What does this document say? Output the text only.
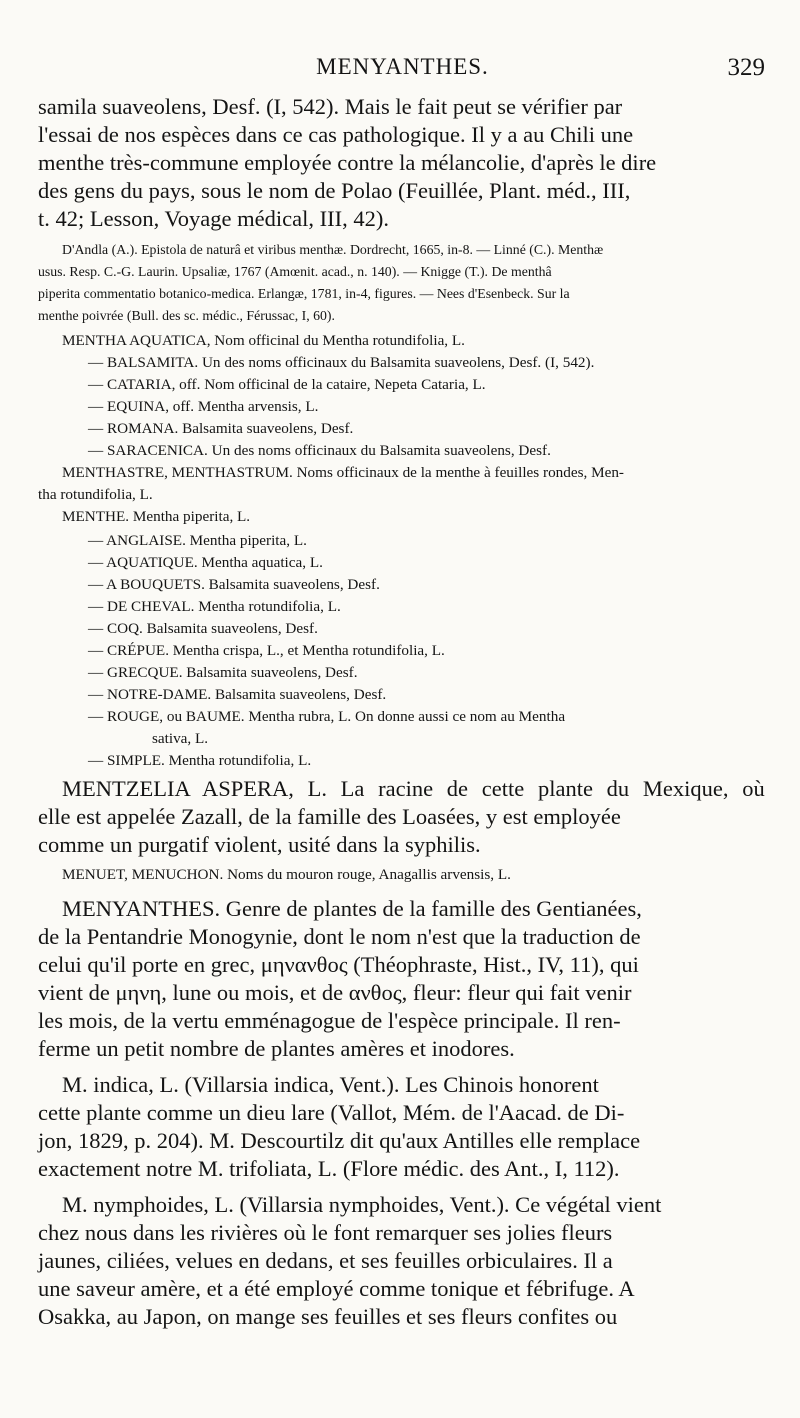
MENYANTHES.	329

samila suaveolens, Desf. (I, 542). Mais le fait peut se vérifier par

l'essai de nos espèces dans ce cas pathologique. Il y a au Chili une

menthe très-commune employée contre la mélancolie, d'après le dire

des gens du pays, sous le nom de Polao (Feuillée, Plant. méd., III,

t. 42; Lesson, Voyage médical, III, 42).

D'Andla (A.). Epistola de naturâ et viribus menthæ. Dordrecht, 1665, in-8. — Linné (C.). Menthæ

usus. Resp. C.-G. Laurin. Upsaliæ, 1767 (Amœnit. acad., n. 140). — Knigge (T.). De menthâ

piperita commentatio botanico-medica. Erlangæ, 1781, in-4, figures. — Nees d'Esenbeck. Sur la

menthe poivrée (Bull. des sc. médic., Férussac, I, 60).

MENTHA AQUATICA, Nom officinal du Mentha rotundifolia, L.

— BALSAMITA. Un des noms officinaux du Balsamita suaveolens, Desf. (I, 542).

— CATARIA, off. Nom officinal de la cataire, Nepeta Cataria, L.

— EQUINA, off. Mentha arvensis, L.

— ROMANA. Balsamita suaveolens, Desf.

— SARACENICA. Un des noms officinaux du Balsamita suaveolens, Desf.

MENTHASTRE, MENTHASTRUM. Noms officinaux de la menthe à feuilles rondes, Men-

tha rotundifolia, L.

MENTHE. Mentha piperita, L.

— ANGLAISE. Mentha piperita, L.

— AQUATIQUE. Mentha aquatica, L.

— A BOUQUETS. Balsamita suaveolens, Desf.

— DE CHEVAL. Mentha rotundifolia, L.

— COQ. Balsamita suaveolens, Desf.

— CRÉPUE. Mentha crispa, L., et Mentha rotundifolia, L.

— GRECQUE. Balsamita suaveolens, Desf.

— NOTRE-DAME. Balsamita suaveolens, Desf.

— ROUGE, ou BAUME. Mentha rubra, L. On donne aussi ce nom au Mentha

sativa, L.

— SIMPLE. Mentha rotundifolia, L.

MENTZELIA ASPERA, L. La racine de cette plante du Mexique, où

elle est appelée Zazall, de la famille des Loasées, y est employée

comme un purgatif violent, usité dans la syphilis.

MENUET, MENUCHON. Noms du mouron rouge, Anagallis arvensis, L.

MENYANTHES. Genre de plantes de la famille des Gentianées,

de la Pentandrie Monogynie, dont le nom n'est que la traduction de

celui qu'il porte en grec, μηνανθος (Théophraste, Hist., IV, 11), qui

vient de μηνη, lune ou mois, et de ανθος, fleur: fleur qui fait venir

les mois, de la vertu emménagogue de l'espèce principale. Il ren-

ferme un petit nombre de plantes amères et inodores.

M. indica, L. (Villarsia indica, Vent.). Les Chinois honorent

cette plante comme un dieu lare (Vallot, Mém. de l'Aacad. de Di-

jon, 1829, p. 204). M. Descourtilz dit qu'aux Antilles elle remplace

exactement notre M. trifoliata, L. (Flore médic. des Ant., I, 112).

M. nymphoides, L. (Villarsia nymphoides, Vent.). Ce végétal vient

chez nous dans les rivières où le font remarquer ses jolies fleurs

jaunes, ciliées, velues en dedans, et ses feuilles orbiculaires. Il a

une saveur amère, et a été employé comme tonique et fébrifuge. A

Osakka, au Japon, on mange ses feuilles et ses fleurs confites ou
